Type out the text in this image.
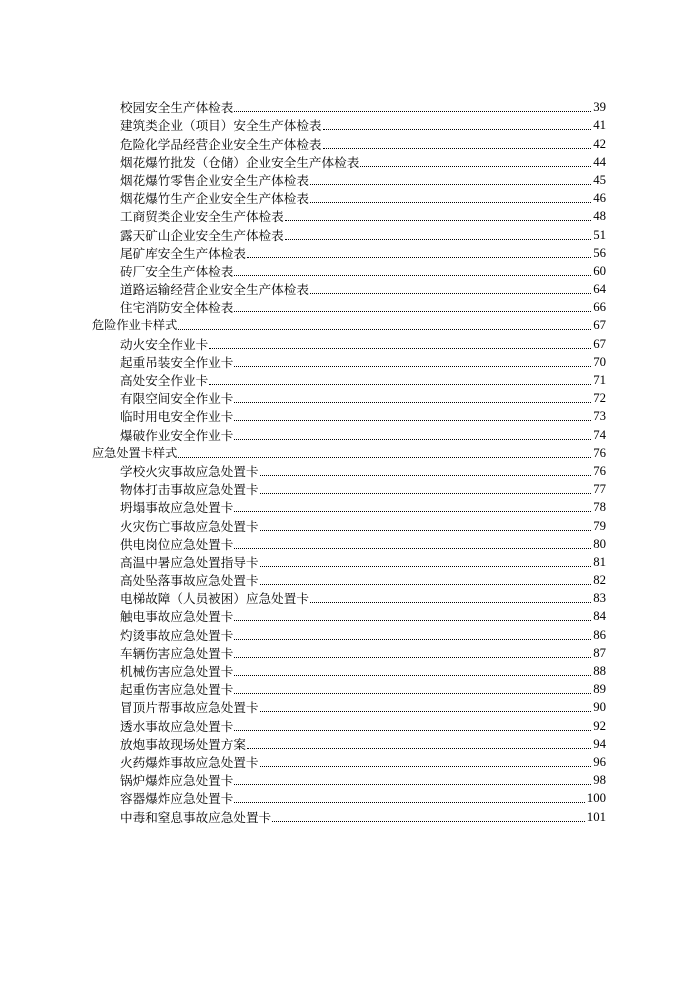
校园安全生产体检表	39
建筑类企业（项目）安全生产体检表	41
危险化学品经营企业安全生产体检表	42
烟花爆竹批发（仓储）企业安全生产体检表	44
烟花爆竹零售企业安全生产体检表	45
烟花爆竹生产企业安全生产体检表	46
工商贸类企业安全生产体检表	48
露天矿山企业安全生产体检表	51
尾矿库安全生产体检表	56
砖厂安全生产体检表	60
道路运输经营企业安全生产体检表	64
住宅消防安全体检表	66
危险作业卡样式	67
动火安全作业卡	67
起重吊装安全作业卡	70
高处安全作业卡	71
有限空间安全作业卡	72
临时用电安全作业卡	73
爆破作业安全作业卡	74
应急处置卡样式	76
学校火灾事故应急处置卡	76
物体打击事故应急处置卡	77
坍塌事故应急处置卡	78
火灾伤亡事故应急处置卡	79
供电岗位应急处置卡	80
高温中暑应急处置指导卡	81
高处坠落事故应急处置卡	82
电梯故障（人员被困）应急处置卡	83
触电事故应急处置卡	84
灼烫事故应急处置卡	86
车辆伤害应急处置卡	87
机械伤害应急处置卡	88
起重伤害应急处置卡	89
冒顶片帮事故应急处置卡	90
透水事故应急处置卡	92
放炮事故现场处置方案	94
火药爆炸事故应急处置卡	96
锅炉爆炸应急处置卡	98
容器爆炸应急处置卡	100
中毒和窒息事故应急处置卡	101
